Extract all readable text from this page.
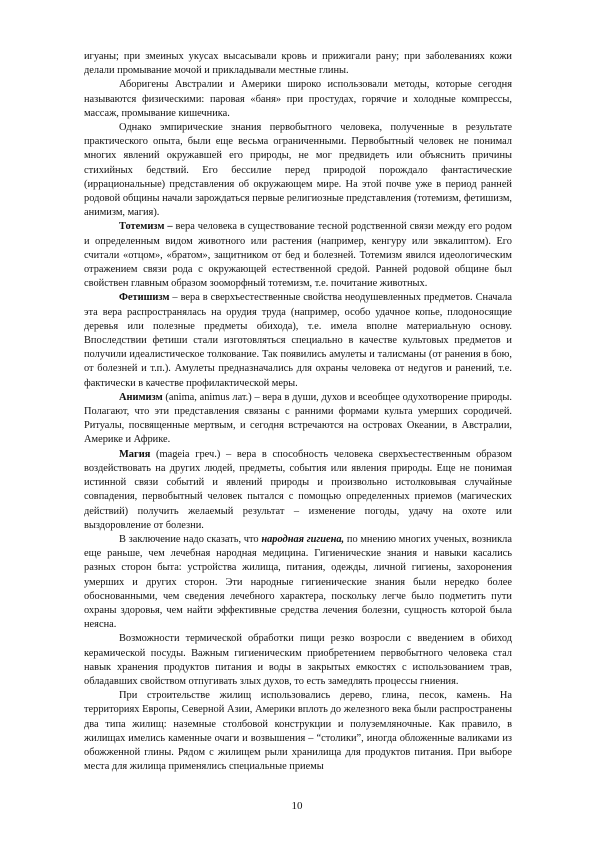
игуаны; при змеиных укусах высасывали кровь и прижигали рану; при заболеваниях кожи делали промывание мочой и прикладывали местные глины.

Аборигены Австралии и Америки широко использовали методы, которые сегодня называются физическими: паровая «баня» при простудах, горячие и холодные компрессы, массаж, промывание кишечника.

Однако эмпирические знания первобытного человека, полученные в результате практического опыта, были еще весьма ограниченными. Первобытный человек не понимал многих явлений окружавшей его природы, не мог предвидеть или объяснить причины стихийных бедствий. Его бессилие перед природой порождало фантастические (иррациональные) представления об окружающем мире. На этой почве уже в период ранней родовой общины начали зарождаться первые религиозные представления (тотемизм, фетишизм, анимизм, магия).

Тотемизм – вера человека в существование тесной родственной связи между его родом и определенным видом животного или растения (например, кенгуру или эвкалиптом). Его считали «отцом», «братом», защитником от бед и болезней. Тотемизм явился идеологическим отражением связи рода с окружающей естественной средой. Ранней родовой общине был свойствен главным образом зооморфный тотемизм, т.е. почитание животных.

Фетишизм – вера в сверхъестественные свойства неодушевленных предметов. Сначала эта вера распространялась на орудия труда (например, особо удачное копье, плодоносящие деревья или полезные предметы обихода), т.е. имела вполне материальную основу. Впоследствии фетиши стали изготовляться специально в качестве культовых предметов и получили идеалистическое толкование. Так появились амулеты и талисманы (от ранения в бою, от болезней и т.п.). Амулеты предназначались для охраны человека от недугов и ранений, т.е. фактически в качестве профилактической меры.

Анимизм (anima, animus лат.) – вера в души, духов и всеобщее одухотворение природы. Полагают, что эти представления связаны с ранними формами культа умерших сородичей. Ритуалы, посвященные мертвым, и сегодня встречаются на островах Океании, в Австралии, Америке и Африке.

Магия (mageia греч.) – вера в способность человека сверхъестественным образом воздействовать на других людей, предметы, события или явления природы. Еще не понимая истинной связи событий и явлений природы и произвольно истолковывая случайные совпадения, первобытный человек пытался с помощью определенных приемов (магических действий) получить желаемый результат – изменение погоды, удачу на охоте или выздоровление от болезни.

В заключение надо сказать, что народная гигиена, по мнению многих ученых, возникла еще раньше, чем лечебная народная медицина. Гигиенические знания и навыки касались разных сторон быта: устройства жилища, питания, одежды, личной гигиены, захоронения умерших и других сторон. Эти народные гигиенические знания были нередко более обоснованными, чем сведения лечебного характера, поскольку легче было подметить пути охраны здоровья, чем найти эффективные средства лечения болезни, сущность которой была неясна.

Возможности термической обработки пищи резко возросли с введением в обиход керамической посуды. Важным гигиеническим приобретением первобытного человека стал навык хранения продуктов питания и воды в закрытых емкостях с использованием трав, обладавших свойством отпугивать злых духов, то есть замедлять процессы гниения.

При строительстве жилищ использовались дерево, глина, песок, камень. На территориях Европы, Северной Азии, Америки вплоть до железного века были распространены два типа жилищ: наземные столбовой конструкции и полуземляночные. Как правило, в жилищах имелись каменные очаги и возвышения – “столики”, иногда обложенные валиками из обожженной глины. Рядом с жилищем рыли хранилища для продуктов питания. При выборе места для жилища применялись специальные приемы

10
